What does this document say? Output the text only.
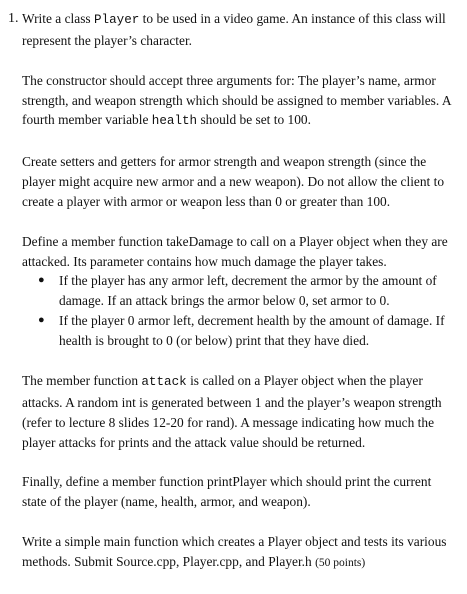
1. Write a class Player to be used in a video game. An instance of this class will represent the player’s character.

The constructor should accept three arguments for: The player’s name, armor strength, and weapon strength which should be assigned to member variables. A fourth member variable health should be set to 100.

Create setters and getters for armor strength and weapon strength (since the player might acquire new armor and a new weapon). Do not allow the client to create a player with armor or weapon less than 0 or greater than 100.

Define a member function takeDamage to call on a Player object when they are attacked. Its parameter contains how much damage the player takes.
● If the player has any armor left, decrement the armor by the amount of damage. If an attack brings the armor below 0, set armor to 0.
● If the player 0 armor left, decrement health by the amount of damage. If health is brought to 0 (or below) print that they have died.

The member function attack is called on a Player object when the player attacks. A random int is generated between 1 and the player’s weapon strength (refer to lecture 8 slides 12-20 for rand). A message indicating how much the player attacks for prints and the attack value should be returned.

Finally, define a member function printPlayer which should print the current state of the player (name, health, armor, and weapon).

Write a simple main function which creates a Player object and tests its various methods. Submit Source.cpp, Player.cpp, and Player.h (50 points)
